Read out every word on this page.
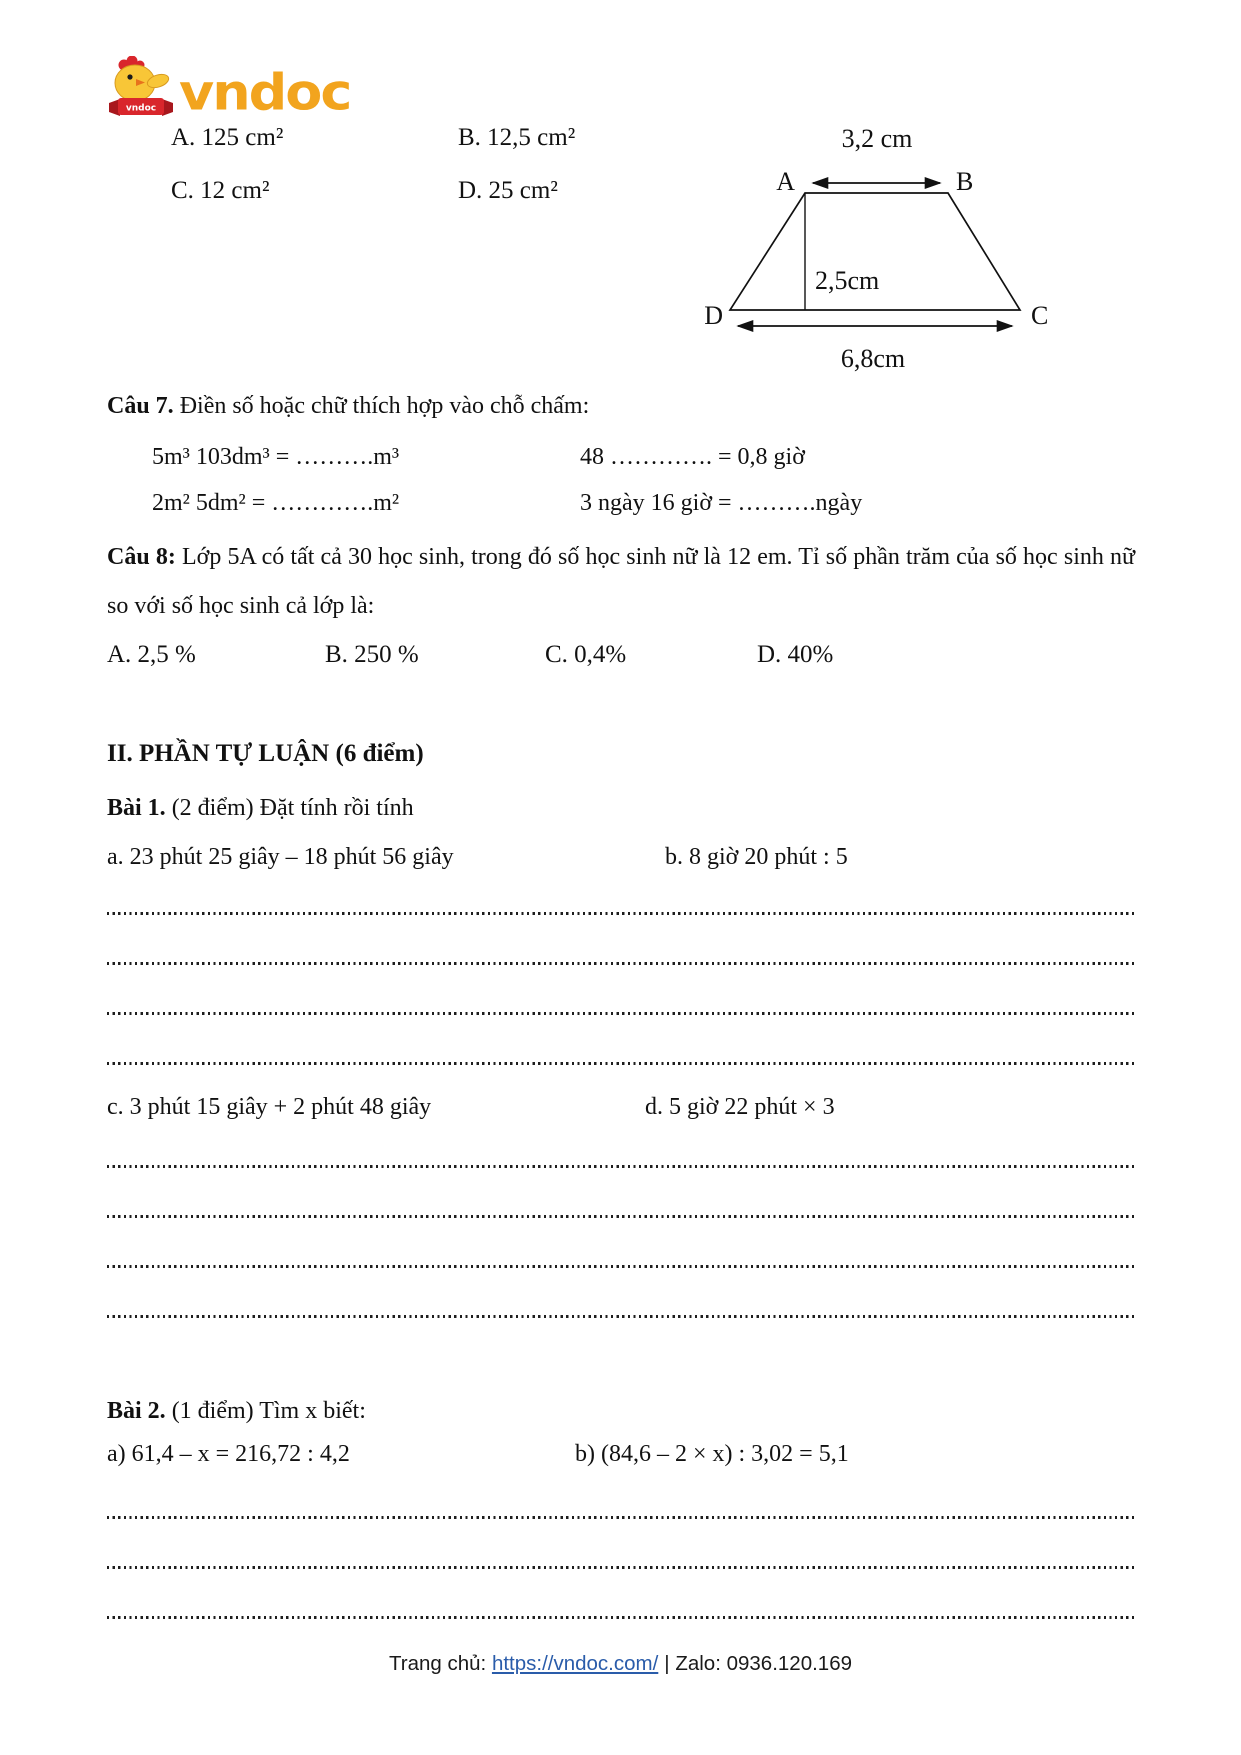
vndoc vndoc
A. 125 cm²	B. 12,5 cm²
C. 12 cm²	D. 25 cm²
3,2 cm
A	B
D	C
2,5cm
6,8cm
Câu 7. Điền số hoặc chữ thích hợp vào chỗ chấm:
5m³ 103dm³ = ……….m³	48 …………. = 0,8 giờ
2m² 5dm² = ………….m²	3 ngày 16 giờ = ……….ngày
Câu 8: Lớp 5A có tất cả 30 học sinh, trong đó số học sinh nữ là 12 em. Tỉ số phần trăm của số học sinh nữ so với số học sinh cả lớp là:
A. 2,5 %	B. 250 %	C. 0,4%	D. 40%
II. PHẦN TỰ LUẬN (6 điểm)
Bài 1. (2 điểm) Đặt tính rồi tính
a. 23 phút 25 giây – 18 phút 56 giây	b. 8 giờ 20 phút : 5
c. 3 phút 15 giây + 2 phút 48 giây	d. 5 giờ 22 phút × 3
Bài 2. (1 điểm) Tìm x biết:
a) 61,4 – x = 216,72 : 4,2	b) (84,6 – 2 × x) : 3,02 = 5,1
Trang chủ: https://vndoc.com/ | Zalo: 0936.120.169
